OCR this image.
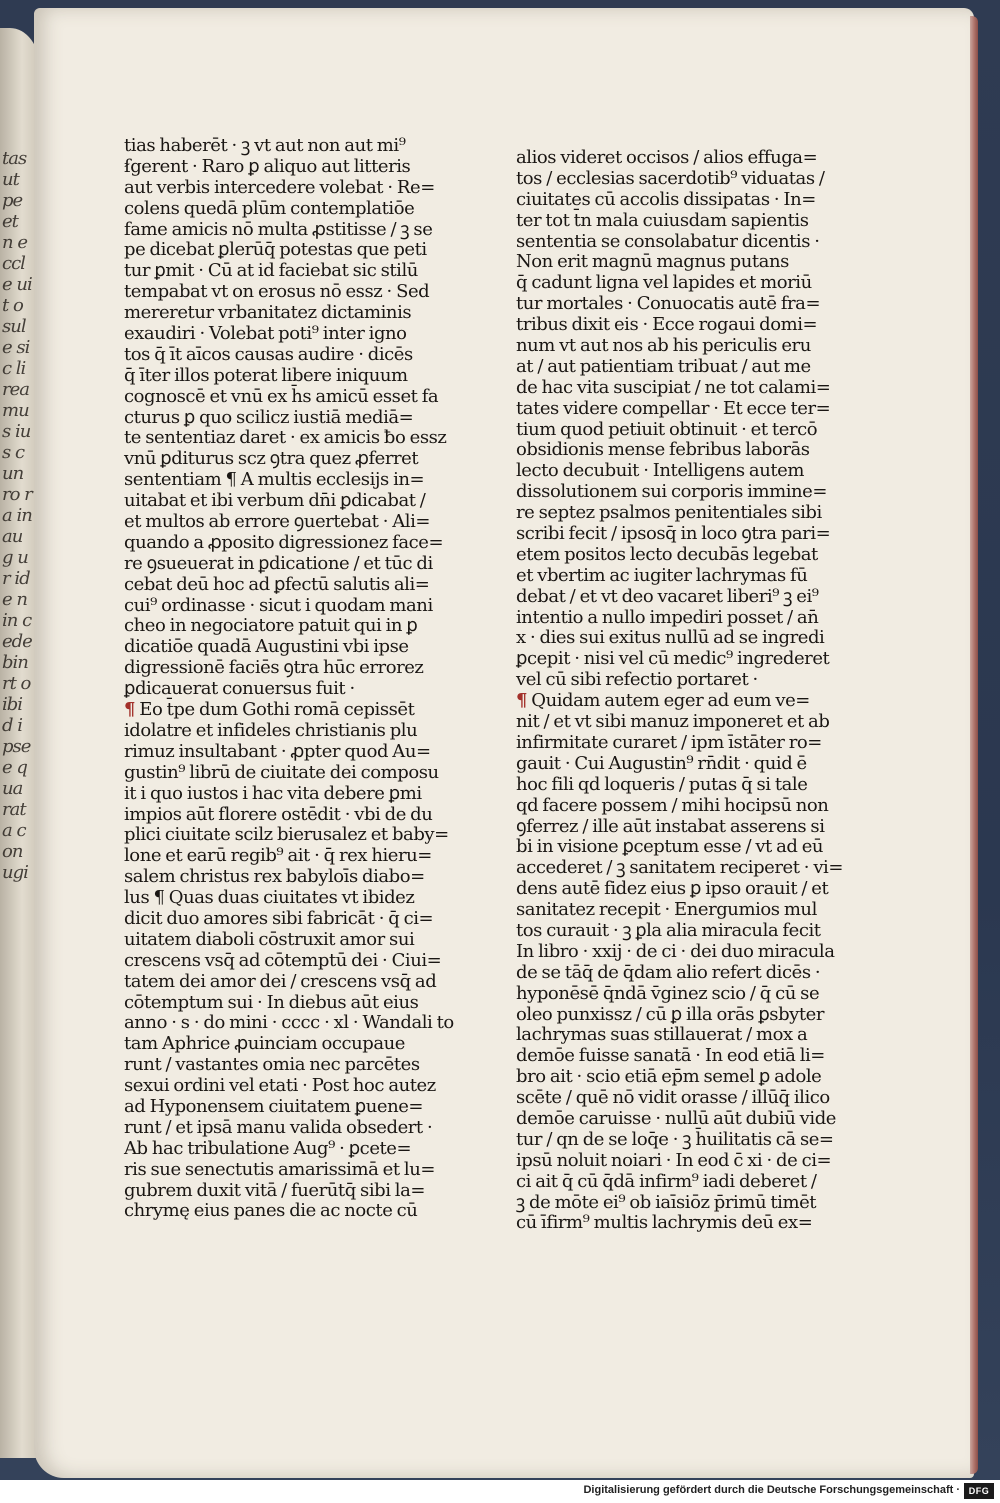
tas ut pe et n eccle uit o sule sic li rea mus ius cun ro ra in aug ur ide n in cede bin rt oibid ipse e qua rata con ugi
tias haberēt · ꝫ vt aut non aut mi⁹
ẜgerent · Raro ꝑ aliquo aut litteris
aut verbis intercedere volebat · Re=
colens quedā plūm contemplatiōe
fame amicis nō multa ꝓstitisse / ꝫ se
pe dicebat ꝑlerūq̄ potestas que peti
tur ꝑmit · Cū at id faciebat sic stilū
tempabat vt on erosus nō essz · Sed
mereretur vrbanitatez dictaminis
exaudiri · Volebat poti⁹ inter igno
tos q̄ īt aīcos causas audire · dicēs
q̄ īter illos poterat libere iniquum
cognoscē et vnū ex h̄s amicū esset fa
cturus ꝑ quo scilicz iustiā mediā=
te sententiaz daret · ex amicis ƀo essz
vnū ꝑditurus scz ꝯtra quez ꝓferret
sententiam ¶ A multis ecclesijs in=
uitabat et ibi verbum dn̄i ꝑdicabat /
et multos ab errore ꝯuertebat · Ali=
quando a ꝓposito digressionez face=
re ꝯsueuerat in ꝑdicatione / et tūc di
cebat deū hoc ad ꝑfectū salutis ali=
cui⁹ ordinasse · sicut i quodam mani
cheo in negociatore patuit qui in ꝑ
dicatiōe quadā Augustini vbi ipse
digressionē faciēs ꝯtra hūc errorez
ꝑdicauerat conuersus fuit ·
¶ Eo t̄pe dum Gothi romā cepissēt
idolatre et infideles christianis plu
rimuz insultabant · ꝓpter quod Au=
gustin⁹ librū de ciuitate dei composu
it i quo iustos i hac vita debere ꝑmi
impios aūt florere ostēdit · vbi de du
plici ciuitate scilz bierusalez et baby=
lone et earū regib⁹ ait · q̄ rex hieru=
salem christus rex babyloīs diabo=
lus ¶ Quas duas ciuitates vt ibidez
dicit duo amores sibi fabricāt · q̄ ci=
uitatem diaboli cōstruxit amor sui
crescens vsq̄ ad cōtemptū dei · Ciui=
tatem dei amor dei / crescens vsq̄ ad
cōtemptum sui · In diebus aūt eius
anno · s · do mini · cccc · xl · Wandali to
tam Aphrice ꝓuinciam occupaue
runt / vastantes omia nec parcētes
sexui ordini vel etati · Post hoc autez
ad Hyponensem ciuitatem ꝑuene=
runt / et ipsā manu valida obsedert ·
Ab hac tribulatione Aug⁹ · ꝑcete=
ris sue senectutis amarissimā et lu=
gubrem duxit vitā / fuerūtq̄ sibi la=
chrymę eius panes die ac nocte cū
alios videret occisos / alios effuga=
tos / ecclesias sacerdotib⁹ viduatas /
ciuitates cū accolis dissipatas · In=
ter tot t̄n mala cuiusdam sapientis
sententia se consolabatur dicentis ·
Non erit magnū magnus putans
q̄ cadunt ligna vel lapides et moriū
tur mortales · Conuocatis autē fra=
tribus dixit eis · Ecce rogaui domi=
num vt aut nos ab his periculis eru
at / aut patientiam tribuat / aut me
de hac vita suscipiat / ne tot calami=
tates videre compellar · Et ecce ter=
tium quod petiuit obtinuit · et tercō
obsidionis mense febribus laborās
lecto decubuit · Intelligens autem
dissolutionem sui corporis immine=
re septez psalmos penitentiales sibi
scribi fecit / ipsosq̄ in loco ꝯtra pari=
etem positos lecto decubās legebat
et vbertim ac iugiter lachrymas fū
debat / et vt deo vacaret liberi⁹ ꝫ ei⁹
intentio a nullo impediri posset / an̄
x · dies sui exitus nullū ad se ingredi
ꝑcepit · nisi vel cū medic⁹ ingrederet
vel cū sibi refectio portaret ·
¶ Quidam autem eger ad eum ve=
nit / et vt sibi manuz imponeret et ab
infirmitate curaret / ipm īstāter ro=
gauit · Cui Augustin⁹ rn̄dit · quid ē
hoc fili qd loqueris / putas q̄ si tale
qd facere possem / mihi hocipsū non
ꝯferrez / ille aūt instabat asserens si
bi in visione ꝑceptum esse / vt ad eū
accederet / ꝫ sanitatem reciperet · vi=
dens autē fidez eius ꝑ ipso orauit / et
sanitatez recepit · Energumios mul
tos curauit · ꝫ ꝑla alia miracula fecit
In libro · xxij · de ci · dei duo miracula
de se tāq̄ de q̄dam alio refert dicēs ·
hyponēsē q̄ndā v̄ginez scio / q̄ cū se
oleo punxissz / cū ꝑ illa orās ꝑsbyter
lachrymas suas stillauerat / mox a
demōe fuisse sanatā · In eod etiā li=
bro ait · scio etiā ep̄m semel ꝑ adole
scēte / quē nō vidit orasse / illūq̄ ilico
demōe caruisse · nullū aūt dubiū vide
tur / qn de se loq̄e · ꝫ h̄uilitatis cā se=
ipsū noluit noiari · In eod c̄ xi · de ci=
ci ait q̄ cū q̄dā infirm⁹ iadi deberet /
ꝫ de mōte ei⁹ ob iaīsiōz p̄rimū timēt
cū īfirm⁹ multis lachrymis deū ex=
Digitalisierung gefördert durch die Deutsche Forschungsgemeinschaft · DFG
